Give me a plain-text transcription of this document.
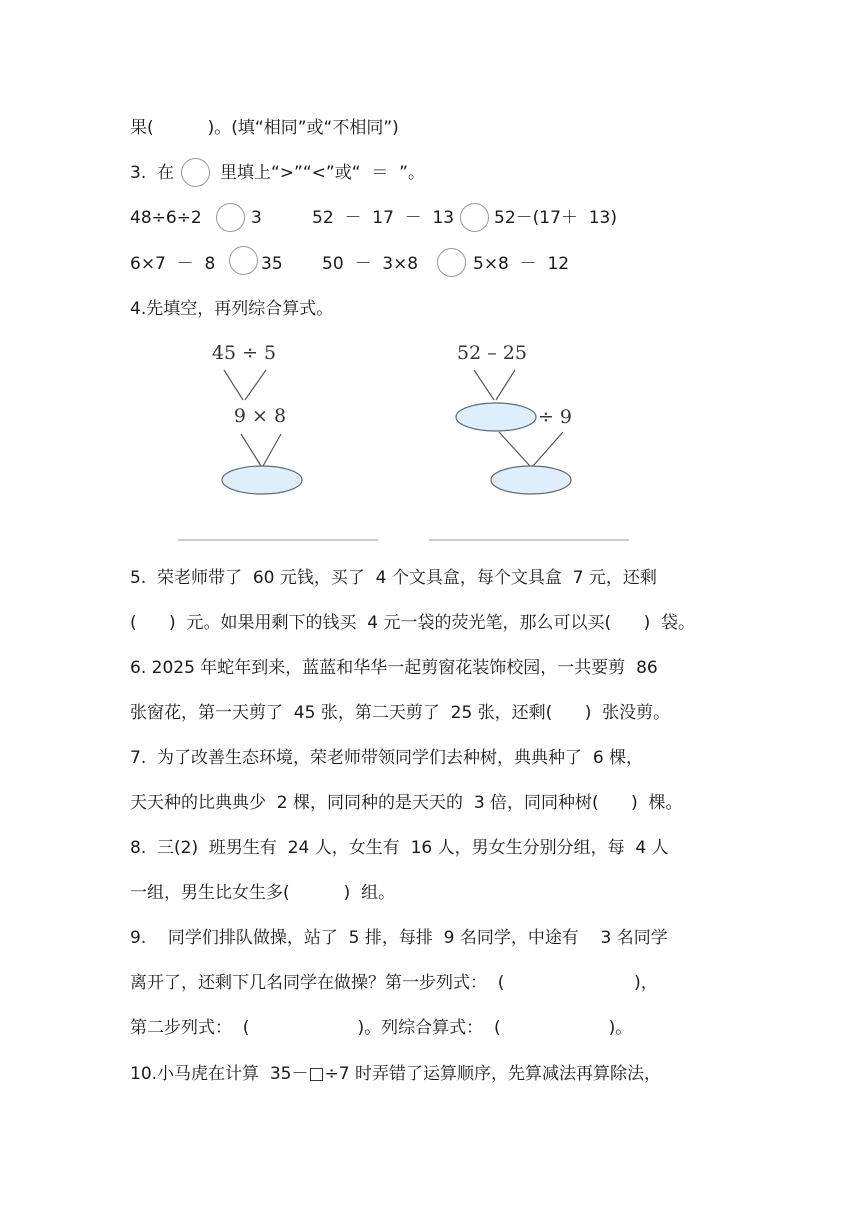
果(          )。(填“相同”或“不相同”)
3.  在	里填上“>”“<”或“  ＝  ”。
48÷6÷2	3	52  －  17  －  13 52－(17＋  13)
6×7  －  8	35 50  －  3×8	5×8  －  12
4.先填空，再列综合算式。
45 ÷ 5
9 × 8
52 – 25
÷ 9
5.  荣老师带了  60 元钱，买了  4 个文具盒，每个文具盒  7 元，还剩
(      )  元。如果用剩下的钱买  4 元一袋的荧光笔，那么可以买(      )  袋。
6. 2025 年蛇年到来，蓝蓝和华华一起剪窗花装饰校园，一共要剪  86
张窗花，第一天剪了  45 张，第二天剪了  25 张，还剩(      )  张没剪。
7.  为了改善生态环境，荣老师带领同学们去种树，典典种了  6 棵，
天天种的比典典少  2 棵，同同种的是天天的  3 倍，同同种树(      )  棵。
8.  三(2)  班男生有  24 人，女生有  16 人，男女生分别分组，每  4 人
一组，男生比女生多(          )  组。
9.    同学们排队做操，站了  5 排，每排  9 名同学，中途有    3 名同学
离开了，还剩下几名同学在做操？第一步列式：  (                        )，
第二步列式：  (                    )。列综合算式：  (                    )。
10.小马虎在计算  35－□÷7 时弄错了运算顺序，先算减法再算除法，
